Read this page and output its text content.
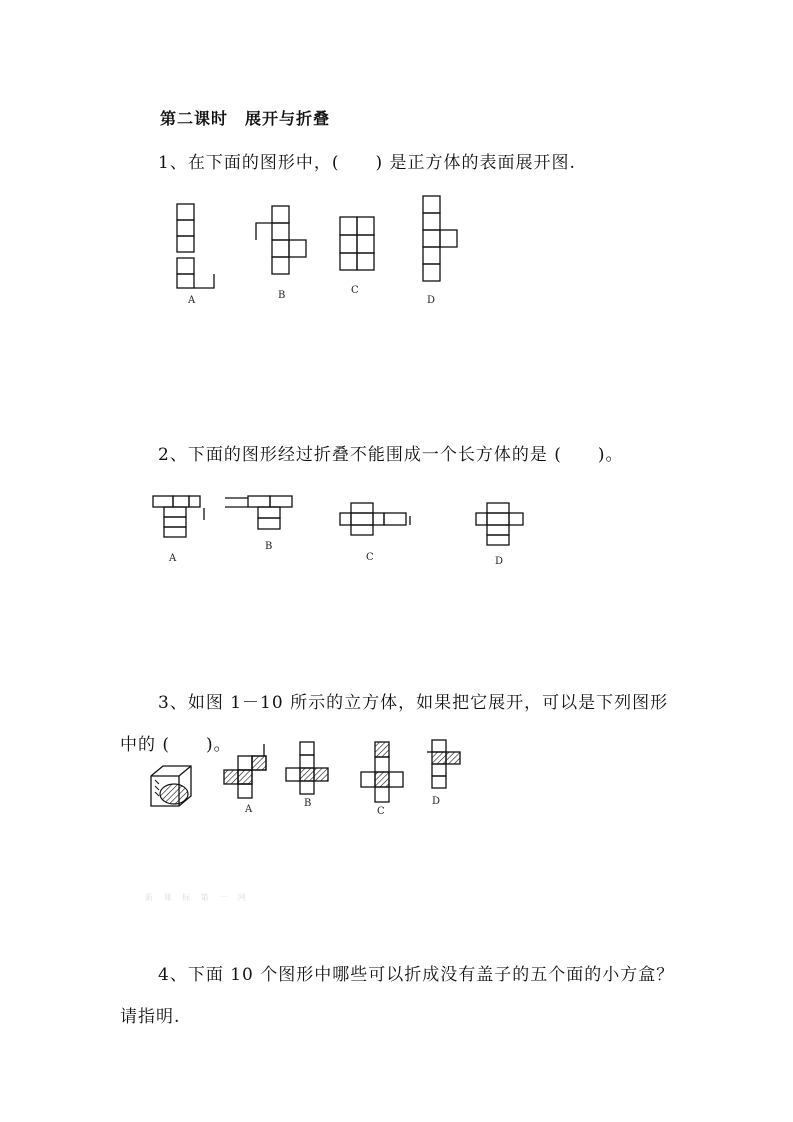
第二课时　展开与折叠
1、在下面的图形中，(　　) 是正方体的表面展开图.
A	B	C
D
2、下面的图形经过折叠不能围成一个长方体的是 (　　)。
A
B
C	D
3、如图 1－10 所示的立方体，如果把它展开，可以是下列图形
中的 (　　)。
A
B
C
D
新 课 标 第 一 网
4、下面 10 个图形中哪些可以折成没有盖子的五个面的小方盒？
请指明.
